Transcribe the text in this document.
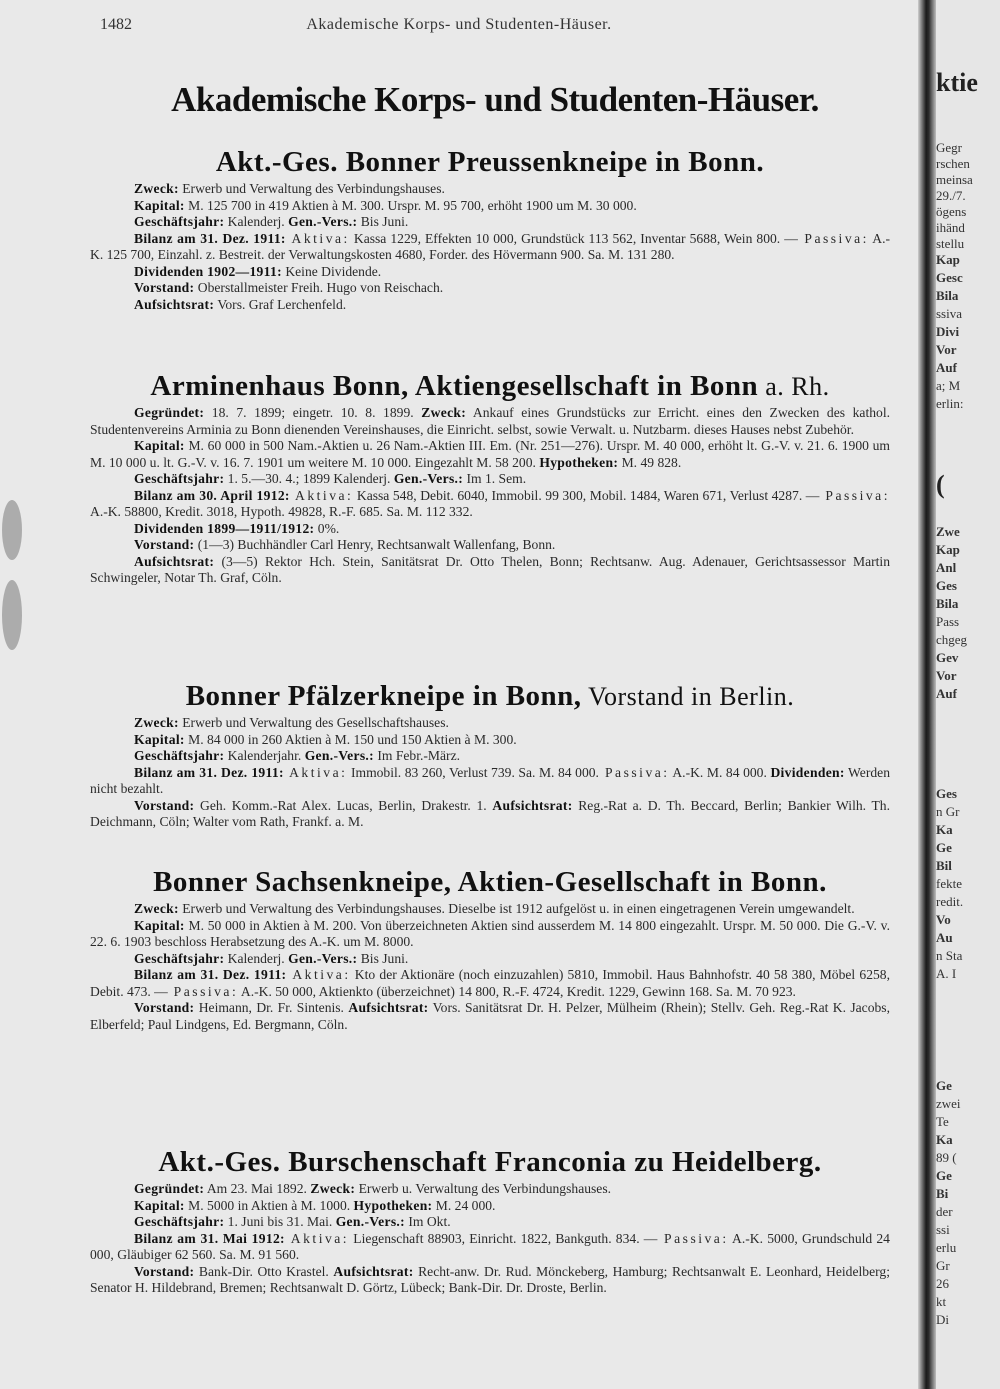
1482	Akademische Korps- und Studenten-Häuser.
Akademische Korps- und Studenten-Häuser.
Akt.-Ges. Bonner Preussenkneipe in Bonn.

Zweck: Erwerb und Verwaltung des Verbindungshauses.

Kapital: M. 125 700 in 419 Aktien à M. 300. Urspr. M. 95 700, erhöht 1900 um M. 30 000.

Geschäftsjahr: Kalenderj. Gen.-Vers.: Bis Juni.

Bilanz am 31. Dez. 1911: Aktiva: Kassa 1229, Effekten 10 000, Grundstück 113 562, Inventar 5688, Wein 800. — Passiva: A.-K. 125 700, Einzahl. z. Bestreit. der Verwaltungskosten 4680, Forder. des Hövermann 900. Sa. M. 131 280.

Dividenden 1902—1911: Keine Dividende.

Vorstand: Oberstallmeister Freih. Hugo von Reischach.

Aufsichtsrat: Vors. Graf Lerchenfeld.

Arminenhaus Bonn, Aktiengesellschaft in Bonn a. Rh.

Gegründet: 18. 7. 1899; eingetr. 10. 8. 1899. Zweck: Ankauf eines Grundstücks zur Erricht. eines den Zwecken des kathol. Studentenvereins Arminia zu Bonn dienenden Vereinshauses, die Einricht. selbst, sowie Verwalt. u. Nutzbarm. dieses Hauses nebst Zubehör.

Kapital: M. 60 000 in 500 Nam.-Aktien u. 26 Nam.-Aktien III. Em. (Nr. 251—276). Urspr. M. 40 000, erhöht lt. G.-V. v. 21. 6. 1900 um M. 10 000 u. lt. G.-V. v. 16. 7. 1901 um weitere M. 10 000. Eingezahlt M. 58 200. Hypotheken: M. 49 828.

Geschäftsjahr: 1. 5.—30. 4.; 1899 Kalenderj. Gen.-Vers.: Im 1. Sem.

Bilanz am 30. April 1912: Aktiva: Kassa 548, Debit. 6040, Immobil. 99 300, Mobil. 1484, Waren 671, Verlust 4287. — Passiva: A.-K. 58800, Kredit. 3018, Hypoth. 49828, R.-F. 685. Sa. M. 112 332.

Dividenden 1899—1911/1912: 0%.

Vorstand: (1—3) Buchhändler Carl Henry, Rechtsanwalt Wallenfang, Bonn.

Aufsichtsrat: (3—5) Rektor Hch. Stein, Sanitätsrat Dr. Otto Thelen, Bonn; Rechtsanw. Aug. Adenauer, Gerichtsassessor Martin Schwingeler, Notar Th. Graf, Cöln.

Bonner Pfälzerkneipe in Bonn, Vorstand in Berlin.

Zweck: Erwerb und Verwaltung des Gesellschaftshauses.

Kapital: M. 84 000 in 260 Aktien à M. 150 und 150 Aktien à M. 300.

Geschäftsjahr: Kalenderjahr. Gen.-Vers.: Im Febr.-März.

Bilanz am 31. Dez. 1911: Aktiva: Immobil. 83 260, Verlust 739. Sa. M. 84 000. Passiva: A.-K. M. 84 000. Dividenden: Werden nicht bezahlt.

Vorstand: Geh. Komm.-Rat Alex. Lucas, Berlin, Drakestr. 1. Aufsichtsrat: Reg.-Rat a. D. Th. Beccard, Berlin; Bankier Wilh. Th. Deichmann, Cöln; Walter vom Rath, Frankf. a. M.

Bonner Sachsenkneipe, Aktien-Gesellschaft in Bonn.

Zweck: Erwerb und Verwaltung des Verbindungshauses. Dieselbe ist 1912 aufgelöst u. in einen eingetragenen Verein umgewandelt.

Kapital: M. 50 000 in Aktien à M. 200. Von überzeichneten Aktien sind ausserdem M. 14 800 eingezahlt. Urspr. M. 50 000. Die G.-V. v. 22. 6. 1903 beschloss Herabsetzung des A.-K. um M. 8000.

Geschäftsjahr: Kalenderj. Gen.-Vers.: Bis Juni.

Bilanz am 31. Dez. 1911: Aktiva: Kto der Aktionäre (noch einzuzahlen) 5810, Immobil. Haus Bahnhofstr. 40 58 380, Möbel 6258, Debit. 473. — Passiva: A.-K. 50 000, Aktienkto (überzeichnet) 14 800, R.-F. 4724, Kredit. 1229, Gewinn 168. Sa. M. 70 923.

Vorstand: Heimann, Dr. Fr. Sintenis. Aufsichtsrat: Vors. Sanitätsrat Dr. H. Pelzer, Mülheim (Rhein); Stellv. Geh. Reg.-Rat K. Jacobs, Elberfeld; Paul Lindgens, Ed. Bergmann, Cöln.

Akt.-Ges. Burschenschaft Franconia zu Heidelberg.

Gegründet: Am 23. Mai 1892. Zweck: Erwerb u. Verwaltung des Verbindungshauses.

Kapital: M. 5000 in Aktien à M. 1000. Hypotheken: M. 24 000.

Geschäftsjahr: 1. Juni bis 31. Mai. Gen.-Vers.: Im Okt.

Bilanz am 31. Mai 1912: Aktiva: Liegenschaft 88903, Einricht. 1822, Bankguth. 834. — Passiva: A.-K. 5000, Grundschuld 24 000, Gläubiger 62 560. Sa. M. 91 560.

Vorstand: Bank-Dir. Otto Krastel. Aufsichtsrat: Recht-anw. Dr. Rud. Mönckeberg, Hamburg; Rechtsanwalt E. Leonhard, Heidelberg; Senator H. Hildebrand, Bremen; Rechtsanwalt D. Görtz, Lübeck; Bank-Dir. Dr. Droste, Berlin.

ktie
Gegr
rschen
meinsa
29./7.
ögens
ihänd
stellu
Kap
Gesc
Bila
ssiva
Divi
Vor
Auf
a; M
erlin:
(
Zwe
Kap
Anl
Ges
Bila
Pass
chgeg
Gev
Vor
Auf
Ges
n Gr
Ka
Ge
Bil
fekte
redit.
Vo
Au
n Sta
A. I
Ge
zwei
Te
Ka
89 (
Ge
Bi
der
ssi
erlu
Gr
26
kt
Di
